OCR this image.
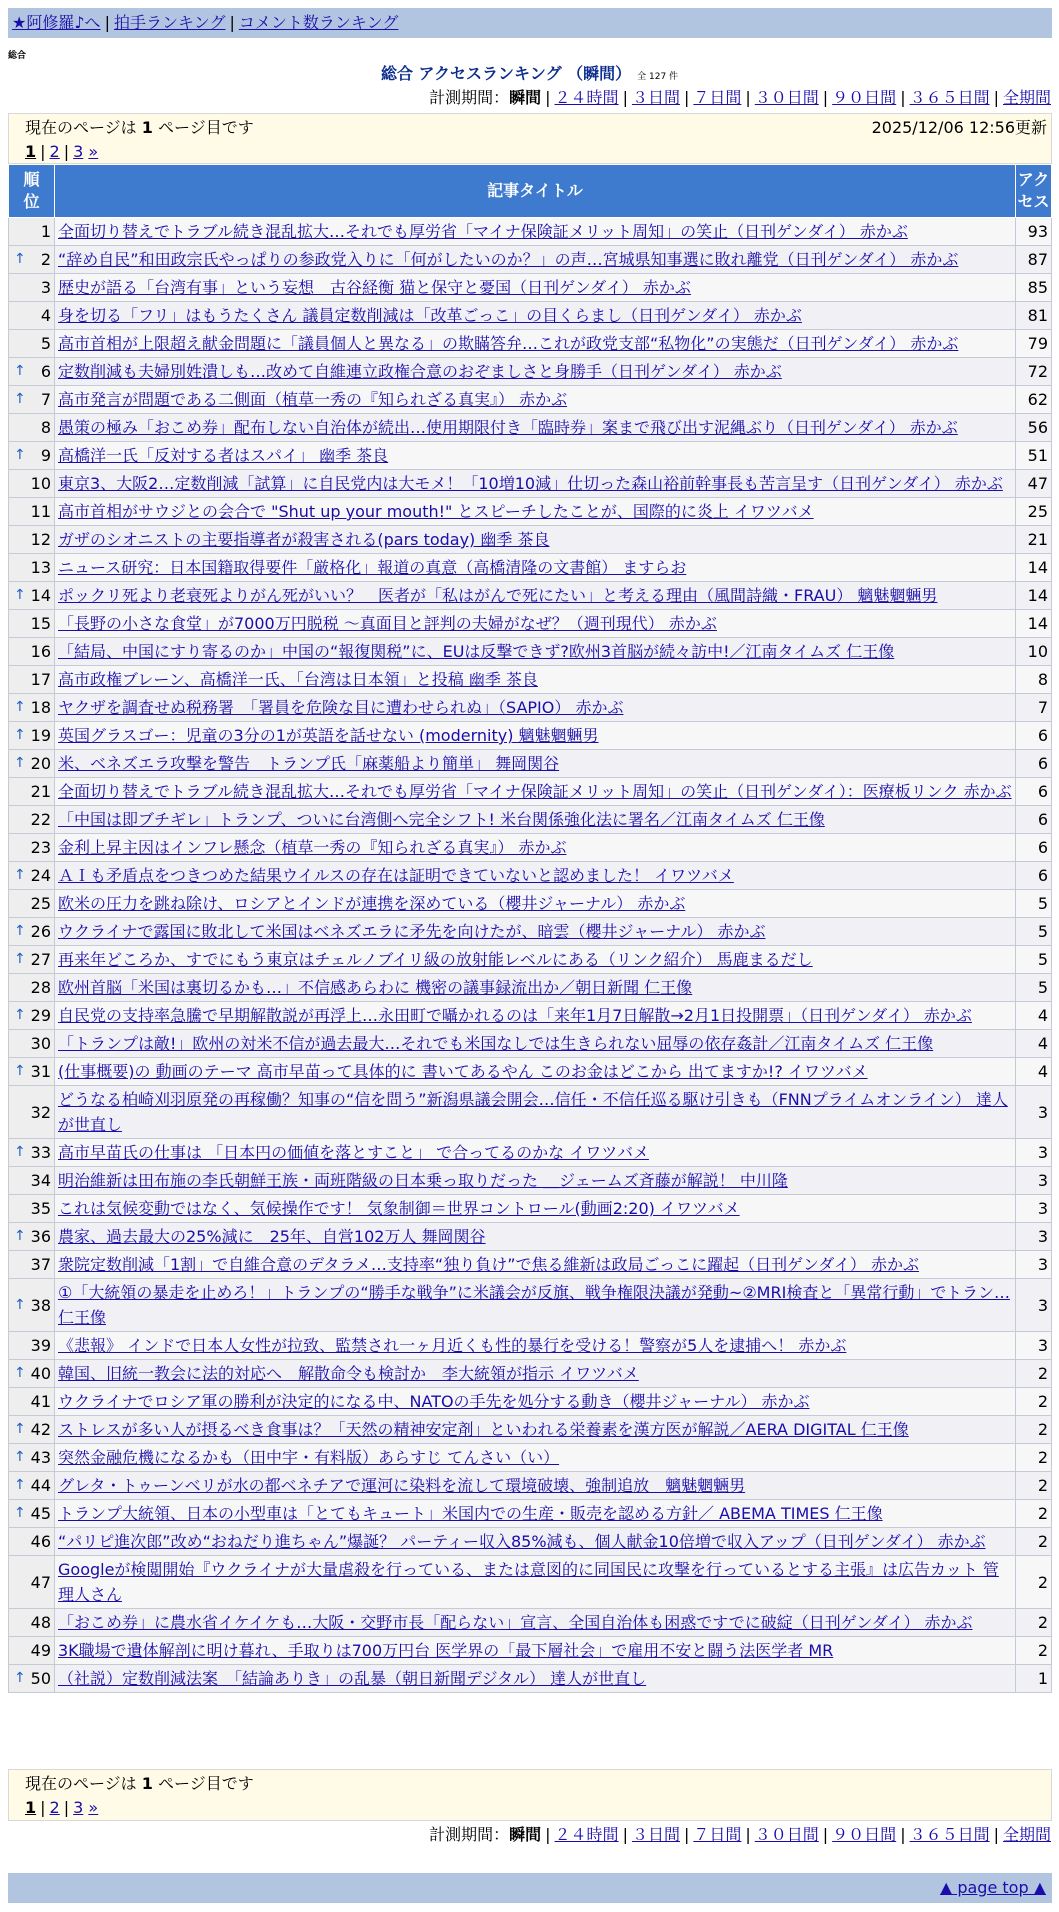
★阿修羅♪へ | 拍手ランキング | コメント数ランキング
総合
総合 アクセスランキング （瞬間） 全 127 件
計測期間：瞬間 | ２４時間 | ３日間 | ７日間 | ３０日間 | ９０日間 | ３６５日間 | 全期間
現在のページは 1 ページ目です	2025/12/06 12:56更新
1 | 2 | 3 »
順位	記事タイトル	アクセス
1	全面切り替えでトラブル続き混乱拡大…それでも厚労省「マイナ保険証メリット周知」の笑止（日刊ゲンダイ） 赤かぶ	93

↑ 2	“辞め自民”和田政宗氏やっぱりの参政党入りに「何がしたいのか？」の声…宮城県知事選に敗れ離党（日刊ゲンダイ） 赤かぶ	87
3	歴史が語る「台湾有事」という妄想　古谷経衡 猫と保守と憂国（日刊ゲンダイ） 赤かぶ	85
4	身を切る「フリ」はもうたくさん 議員定数削減は「改革ごっこ」の目くらまし（日刊ゲンダイ） 赤かぶ	81
5	高市首相が上限超え献金問題に「議員個人と異なる」の欺瞞答弁…これが政党支部“私物化”の実態だ（日刊ゲンダイ） 赤かぶ	79

↑ 6	定数削減も夫婦別姓潰しも…改めて自維連立政権合意のおぞましさと身勝手（日刊ゲンダイ） 赤かぶ	72

↑ 7	高市発言が問題である二側面（植草一秀の『知られざる真実』） 赤かぶ	62
8	愚策の極み「おこめ券」配布しない自治体が続出…使用期限付き「臨時券」案まで飛び出す泥縄ぶり（日刊ゲンダイ） 赤かぶ	56

↑ 9	高橋洋一氏「反対する者はスパイ」 幽季 茶良	51
10	東京3、大阪2…定数削減「試算」に自民党内は大モメ！「10増10減」仕切った森山裕前幹事長も苦言呈す（日刊ゲンダイ） 赤かぶ	47
11	高市首相がサウジとの会合で "Shut up your mouth!" とスピーチしたことが、国際的に炎上 イワツバメ	25
12	ガザのシオニストの主要指導者が殺害される(pars today) 幽季 茶良	21
13	ニュース研究：日本国籍取得要件「厳格化」報道の真意（高橋清隆の文書館） ますらお	14

↑ 14	ポックリ死より老衰死よりがん死がいい？　医者が「私はがんで死にたい」と考える理由（風間詩織・FRAU） 魑魅魍魎男	14
15	「長野の小さな食堂」が7000万円脱税 ～真面目と評判の夫婦がなぜ？（週刊現代） 赤かぶ	14
16	「結局、中国にすり寄るのか」中国の“報復関税”に、EUは反撃できず?欧州3首脳が続々訪中!／江南タイムズ 仁王像	10
17	高市政権ブレーン、高橋洋一氏、「台湾は日本領」と投稿 幽季 茶良	8

↑ 18	ヤクザを調査せぬ税務署　「署員を危険な目に遭わせられぬ」（SAPIO） 赤かぶ	7

↑ 19	英国グラスゴー：児童の3分の1が英語を話せない (modernity) 魑魅魍魎男	6

↑ 20	米、ベネズエラ攻撃を警告　トランプ氏「麻薬船より簡単」 舞岡関谷	6
21	全面切り替えでトラブル続き混乱拡大…それでも厚労省「マイナ保険証メリット周知」の笑止（日刊ゲンダイ）：医療板リンク 赤かぶ	6
22	「中国は即ブチギレ」トランプ、ついに台湾側へ完全シフト! 米台関係強化法に署名／江南タイムズ 仁王像	6
23	金利上昇主因はインフレ懸念（植草一秀の『知られざる真実』） 赤かぶ	6

↑ 24	ＡＩも矛盾点をつきつめた結果ウイルスの存在は証明できていないと認めました！ イワツバメ	6
25	欧米の圧力を跳ね除け、ロシアとインドが連携を深めている（櫻井ジャーナル） 赤かぶ	5

↑ 26	ウクライナで露国に敗北して米国はベネズエラに矛先を向けたが、暗雲（櫻井ジャーナル） 赤かぶ	5

↑ 27	再来年どころか、すでにもう東京はチェルノブイリ級の放射能レベルにある（リンク紹介） 馬鹿まるだし	5
28	欧州首脳「米国は裏切るかも…」不信感あらわに 機密の議事録流出か／朝日新聞 仁王像	5

↑ 29	自民党の支持率急騰で早期解散説が再浮上…永田町で囁かれるのは「来年1月7日解散→2月1日投開票」（日刊ゲンダイ） 赤かぶ	4
30	「トランプは敵!」欧州の対米不信が過去最大…それでも米国なしでは生きられない屈辱の依存姦計／江南タイムズ 仁王像	4

↑ 31	(仕事概要)の 動画のテーマ 高市早苗って具体的に 書いてあるやん このお金はどこから 出てますか!? イワツバメ	4
32	どうなる柏崎刈羽原発の再稼働？知事の“信を問う”新潟県議会開会…信任・不信任巡る駆け引きも（FNNプライムオンライン） 達人が世直し	3

↑ 33	高市早苗氏の仕事は 「日本円の価値を落とすこと」 で合ってるのかな イワツバメ	3
34	明治維新は田布施の李氏朝鮮王族・両班階級の日本乗っ取りだった ＿ジェームズ斉藤が解説！ 中川隆	3
35	これは気候変動ではなく、気候操作です！ 気象制御＝世界コントロール(動画2:20) イワツバメ	3

↑ 36	農家、過去最大の25%減に　25年、自営102万人 舞岡関谷	3
37	衆院定数削減「1割」で自維合意のデタラメ…支持率“独り負け”で焦る維新は政局ごっこに躍起（日刊ゲンダイ） 赤かぶ	3

↑ 38	①「大統領の暴走を止めろ！」トランプの“勝手な戦争”に米議会が反旗、戦争権限決議が発動~②MRI検査と「異常行動」でトラン… 仁王像	3
39	《悲報》 インドで日本人女性が拉致、監禁され一ヶ月近くも性的暴行を受ける！警察が5人を逮捕へ！ 赤かぶ	3

↑ 40	韓国、旧統一教会に法的対応へ　解散命令も検討か　李大統領が指示 イワツバメ	2
41	ウクライナでロシア軍の勝利が決定的になる中、NATOの手先を処分する動き（櫻井ジャーナル） 赤かぶ	2

↑ 42	ストレスが多い人が摂るべき食事は？「天然の精神安定剤」といわれる栄養素を漢方医が解説／AERA DIGITAL 仁王像	2

↑ 43	突然金融危機になるかも（田中宇・有料版）あらすじ てんさい（い）	2

↑ 44	グレタ・トゥーンベリが水の都ベネチアで運河に染料を流して環境破壊、強制追放　魑魅魍魎男	2

↑ 45	トランプ大統領、日本の小型車は「とてもキュート」米国内での生産・販売を認める方針／ ABEMA TIMES 仁王像	2
46	“パリピ進次郎”改め“おねだり進ちゃん”爆誕？ パーティー収入85%減も、個人献金10倍増で収入アップ（日刊ゲンダイ） 赤かぶ	2
47	Googleが検閲開始『ウクライナが大量虐殺を行っている、または意図的に同国民に攻撃を行っているとする主張』は広告カット 管理人さん	2
48	「おこめ券」に農水省イケイケも…大阪・交野市長「配らない」宣言、全国自治体も困惑ですでに破綻（日刊ゲンダイ） 赤かぶ	2
49	3K職場で遺体解剖に明け暮れ、手取りは700万円台 医学界の「最下層社会」で雇用不安と闘う法医学者 MR	2

↑ 50	（社説）定数削減法案　「結論ありき」の乱暴（朝日新聞デジタル） 達人が世直し	1
現在のページは 1 ページ目です
1 | 2 | 3 »
計測期間：瞬間 | ２４時間 | ３日間 | ７日間 | ３０日間 | ９０日間 | ３６５日間 | 全期間
▲ page top ▲
